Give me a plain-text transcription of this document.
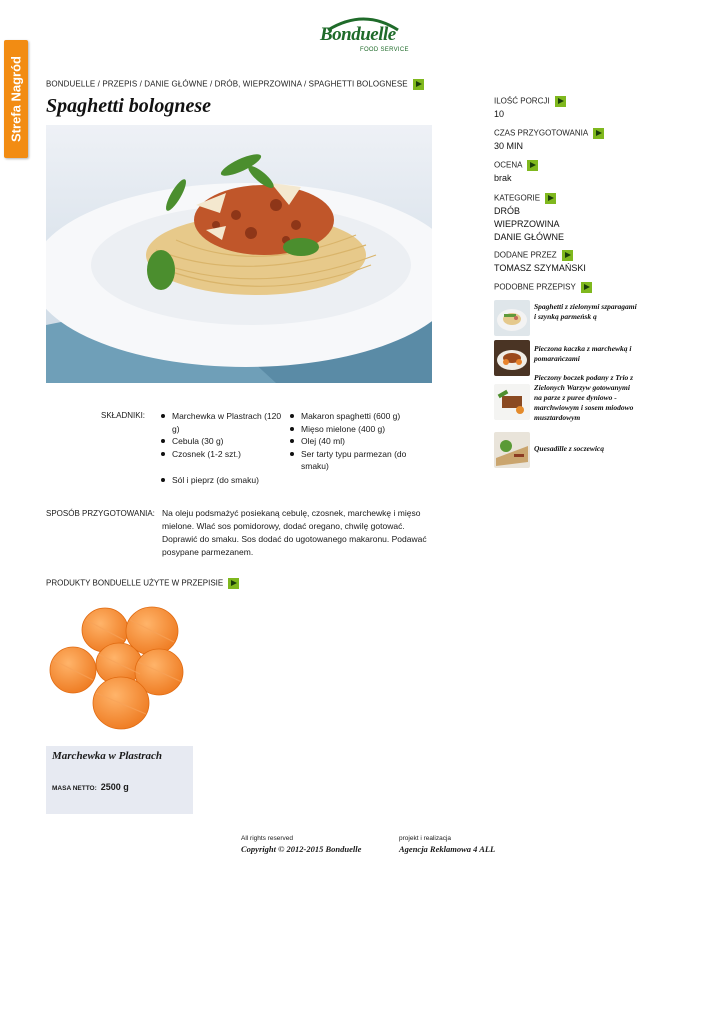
Strefa Nagród
Bonduelle
FOOD SERVICE
BONDUELLE / PRZEPIS / DANIE GŁÓWNE / DRÓB, WIEPRZOWINA / SPAGHETTI BOLOGNESE
Spaghetti bolognese	ILOŚĆ PORCJI
10
CZAS PRZYGOTOWANIA
30 MIN
OCENA
brak
KATEGORIE
DRÓB
WIEPRZOWINA
DANIE GŁÓWNE
DODANE PRZEZ
TOMASZ SZYMAŃSKI
PODOBNE PRZEPISY
Spaghetti z zielonymi szparagami i szynką parmeńsk ą
Pieczona kaczka z marchewką i pomarańczami
Pieczony boczek podany z Trio z Zielonych Warzyw gotowanymi na parze z puree dyniowo - marchwiowym i sosem miodowo musztardowym
Quesadille z soczewicą
SKŁADNIKI:	Marchewka w Plastrach (120 g)
Cebula (30 g)
Czosnek (1-2 szt.)
Makaron spaghetti (600 g)
Mięso mielone (400 g)
Olej (40 ml)
Ser tarty typu parmezan (do smaku)
Sól i pieprz (do smaku)
SPOSÓB PRZYGOTOWANIA: Na oleju podsmażyć posiekaną cebulę, czosnek, marchewkę i mięso mielone. Wlać sos pomidorowy, dodać oregano, chwilę gotować. Doprawić do smaku. Sos dodać do ugotowanego makaronu. Podawać posypane parmezanem.
PRODUKTY BONDUELLE UŻYTE W PRZEPISIE
Marchewka w Plastrach
MASA NETTO: 2500 g
All rights reserved
Copyright © 2012-2015 Bonduelle
projekt i realizacja
Agencja Reklamowa 4 ALL
